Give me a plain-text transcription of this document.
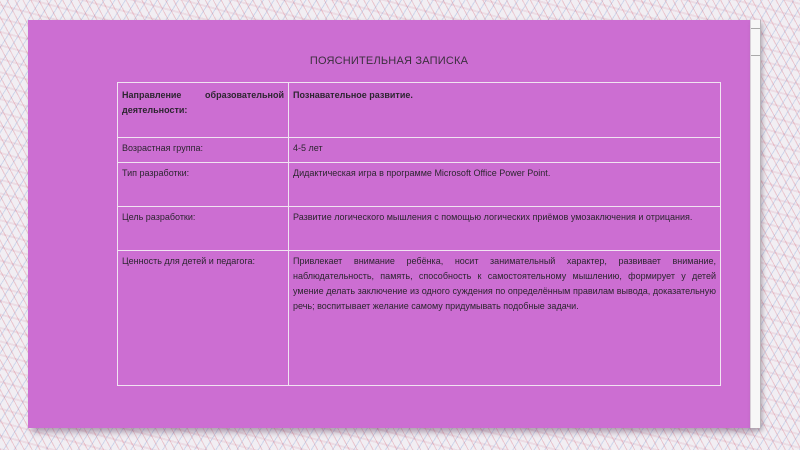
ПОЯСНИТЕЛЬНАЯ ЗАПИСКА
Направление образовательной деятельности:	Познавательное развитие.
Возрастная группа:	4-5 лет
Тип разработки:	Дидактическая игра в программе Microsoft Office Power Point.
Цель разработки:	Развитие логического мышления с помощью логических приёмов умозаключения и отрицания.
Ценность для детей и педагога:	Привлекает внимание ребёнка, носит занимательный характер, развивает внимание, наблюдательность, память, способность к самостоятельному мышлению, формирует у детей умение делать заключение из одного суждения по определённым правилам вывода, доказательную речь; воспитывает желание самому придумывать подобные задачи.
